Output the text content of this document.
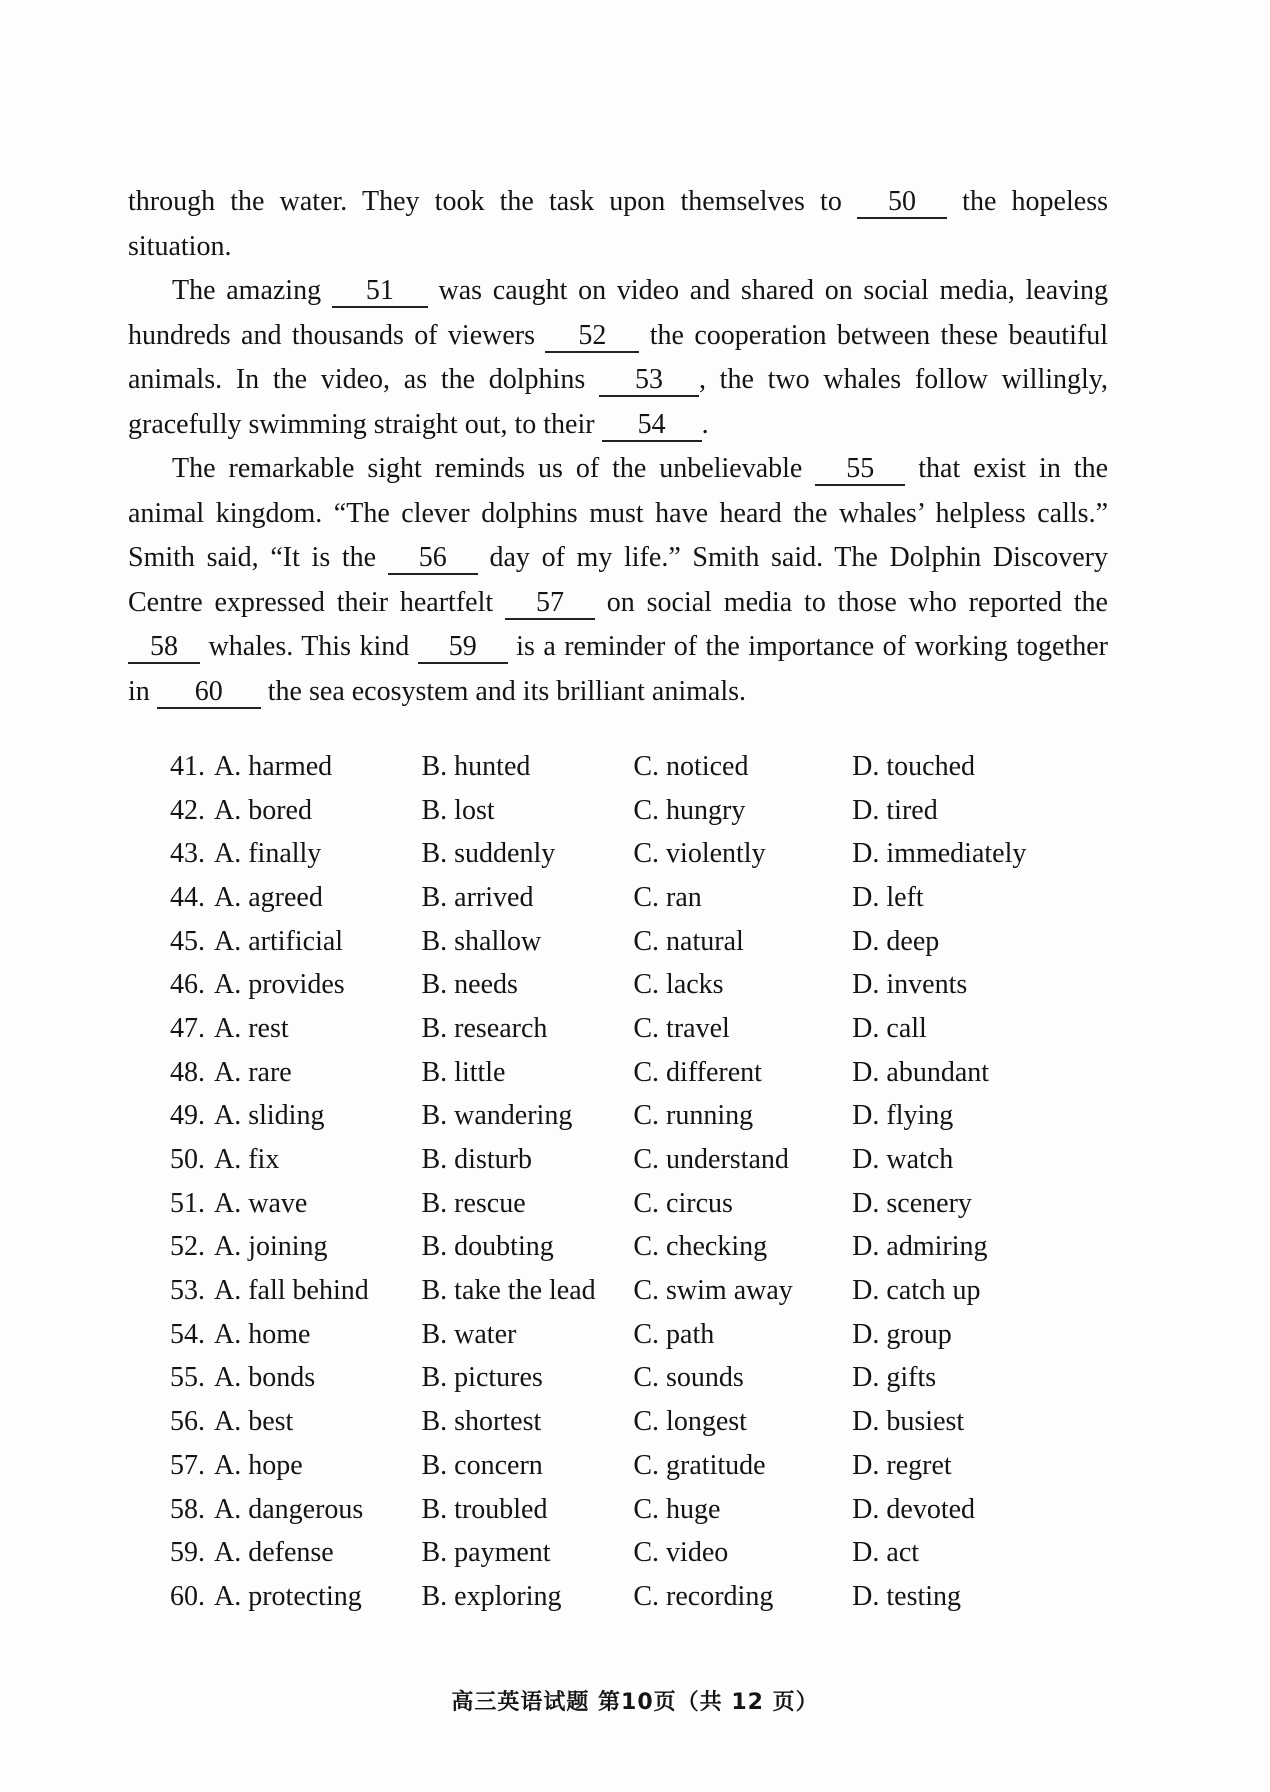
through the water. They took the task upon themselves to 50 the hopeless situation.

The amazing 51 was caught on video and shared on social media, leaving hundreds and thousands of viewers 52 the cooperation between these beautiful animals. In the video, as the dolphins 53 , the two whales follow willingly, gracefully swimming straight out, to their 54 .

The remarkable sight reminds us of the unbelievable 55 that exist in the animal kingdom. “The clever dolphins must have heard the whales’ helpless calls.” Smith said, “It is the 56 day of my life.” Smith said. The Dolphin Discovery Centre expressed their heartfelt 57 on social media to those who reported the 58 whales. This kind 59 is a reminder of the importance of working together in 60 the sea ecosystem and its brilliant animals.

41. A. harmed	B. hunted	C. noticed	D. touched
42. A. bored	B. lost	C. hungry	D. tired
43. A. finally	B. suddenly	C. violently	D. immediately
44. A. agreed	B. arrived	C. ran	D. left
45. A. artificial	B. shallow	C. natural	D. deep
46. A. provides	B. needs	C. lacks	D. invents
47. A. rest	B. research	C. travel	D. call
48. A. rare	B. little	C. different	D. abundant
49. A. sliding	B. wandering	C. running	D. flying
50. A. fix	B. disturb	C. understand	D. watch
51. A. wave	B. rescue	C. circus	D. scenery
52. A. joining	B. doubting	C. checking	D. admiring
53. A. fall behind B. take the lead	C. swim away	D. catch up
54. A. home	B. water	C. path	D. group
55. A. bonds	B. pictures	C. sounds	D. gifts
56. A. best	B. shortest	C. longest	D. busiest
57. A. hope	B. concern	C. gratitude	D. regret
58. A. dangerous B. troubled	C. huge	D. devoted
59. A. defense	B. payment	C. video	D. act
60. A. protecting B. exploring	C. recording	D. testing
高三英语试题 第10页（共 12 页）
